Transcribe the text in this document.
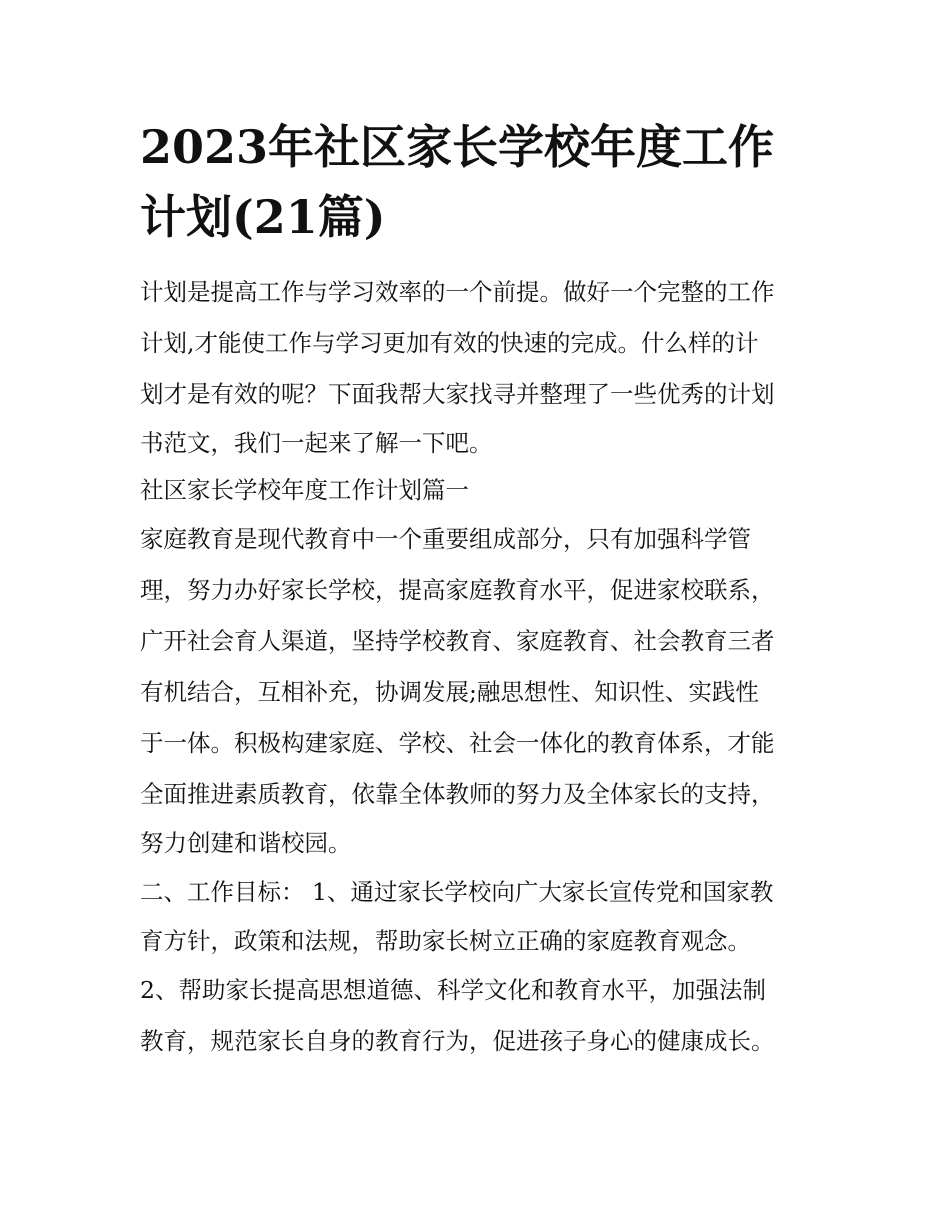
2023年社区家长学校年度工作
计划(21篇)
计划是提高工作与学习效率的一个前提。做好一个完整的工作
计划,才能使工作与学习更加有效的快速的完成。什么样的计
划才是有效的呢？下面我帮大家找寻并整理了一些优秀的计划
书范文，我们一起来了解一下吧。
社区家长学校年度工作计划篇一
家庭教育是现代教育中一个重要组成部分，只有加强科学管
理，努力办好家长学校，提高家庭教育水平，促进家校联系，
广开社会育人渠道，坚持学校教育、家庭教育、社会教育三者
有机结合，互相补充，协调发展;融思想性、知识性、实践性
于一体。积极构建家庭、学校、社会一体化的教育体系，才能
全面推进素质教育，依靠全体教师的努力及全体家长的支持，
努力创建和谐校园。
二、工作目标： 1、通过家长学校向广大家长宣传党和国家教
育方针，政策和法规，帮助家长树立正确的家庭教育观念。
2、帮助家长提高思想道德、科学文化和教育水平，加强法制
教育，规范家长自身的教育行为，促进孩子身心的健康成长。
